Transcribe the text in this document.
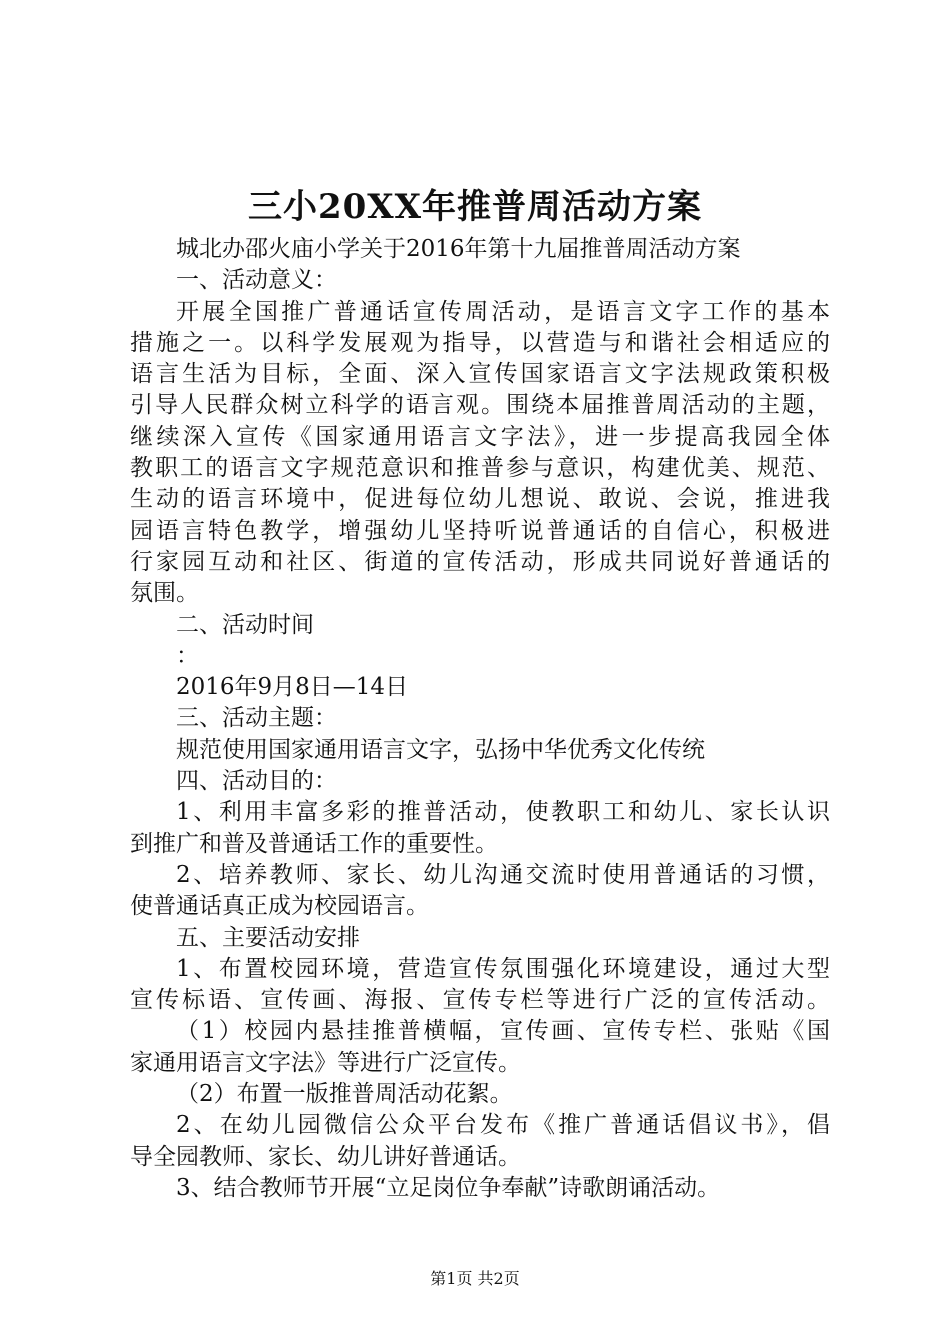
三小20XX年推普周活动方案
城北办邵火庙小学关于2016年第十九届推普周活动方案
一、活动意义：
开展全国推广普通话宣传周活动，是语言文字工作的基本
措施之一。以科学发展观为指导，以营造与和谐社会相适应的
语言生活为目标，全面、深入宣传国家语言文字法规政策积极
引导人民群众树立科学的语言观。围绕本届推普周活动的主题，
继续深入宣传《国家通用语言文字法》，进一步提高我园全体
教职工的语言文字规范意识和推普参与意识，构建优美、规范、
生动的语言环境中，促进每位幼儿想说、敢说、会说，推进我
园语言特色教学，增强幼儿坚持听说普通话的自信心，积极进
行家园互动和社区、街道的宣传活动，形成共同说好普通话的
氛围。
二、活动时间
：
2016年9月8日—14日
三、活动主题：
规范使用国家通用语言文字，弘扬中华优秀文化传统
四、活动目的：
1、利用丰富多彩的推普活动，使教职工和幼儿、家长认识
到推广和普及普通话工作的重要性。
2、培养教师、家长、幼儿沟通交流时使用普通话的习惯，
使普通话真正成为校园语言。
五、主要活动安排
1、布置校园环境，营造宣传氛围强化环境建设，通过大型
宣传标语、宣传画、海报、宣传专栏等进行广泛的宣传活动。
（1）校园内悬挂推普横幅，宣传画、宣传专栏、张贴《国
家通用语言文字法》等进行广泛宣传。
（2）布置一版推普周活动花絮。
2、在幼儿园微信公众平台发布《推广普通话倡议书》，倡
导全园教师、家长、幼儿讲好普通话。
3、结合教师节开展“立足岗位争奉献”诗歌朗诵活动。
第1页 共2页
